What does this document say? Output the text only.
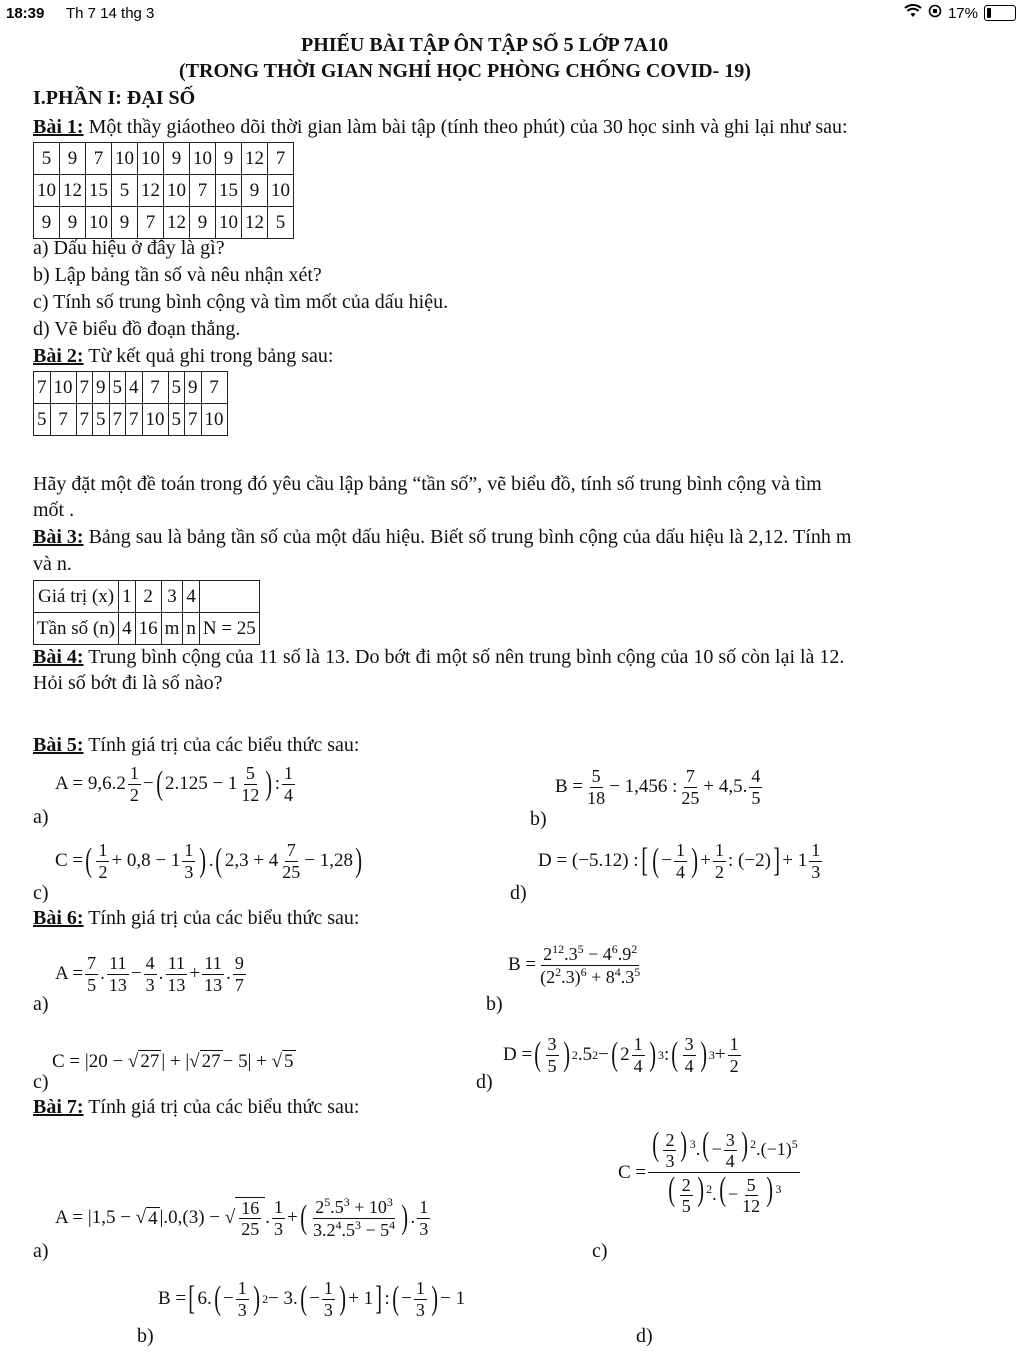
18:39 Th 7 14 thg 3	17%
PHIẾU BÀI TẬP ÔN TẬP SỐ 5 LỚP 7A10
(TRONG THỜI GIAN NGHỈ HỌC PHÒNG CHỐNG COVID- 19)
I.PHẦN I: ĐẠI SỐ
Bài 1: Một thầy giáotheo dõi thời gian làm bài tập (tính theo phút) của 30 học sinh và ghi lại như sau:
5	9	7	10	10	9	10	9	12	7
10	12	15	5	12	10	7	15	9	10
9	9	10	9	7	12	9	10	12	5
a) Dấu hiệu ở đây là gì?
b) Lập bảng tần số và nêu nhận xét?
c) Tính số trung bình cộng và tìm mốt của dấu hiệu.
d) Vẽ biểu đồ đoạn thẳng.
Bài 2: Từ kết quả ghi trong bảng sau:
7	10	7	9	5	4	7	5	9	7
5	7	7	5	7	7	10	5	7	10
Hãy đặt một đề toán trong đó yêu cầu lập bảng “tần số”, vẽ biểu đồ, tính số trung bình cộng và tìm
mốt .
Bài 3: Bảng sau là bảng tần số của một dấu hiệu. Biết số trung bình cộng của dấu hiệu là 2,12. Tính m
và n.
Giá trị (x)	1	2	3	4	
Tần số (n)	4	16	m	n	N = 25
Bài 4: Trung bình cộng của 11 số là 13. Do bớt đi một số nên trung bình cộng của 10 số còn lại là 12.
Hỏi số bớt đi là số nào?
Bài 5: Tính giá trị của các biểu thức sau:
a)
$A = 9,6.2 \frac{1}{2}$ − ( $2.125 - 1 \frac{5}{12}$ ) : $\frac{1}{4}$
b)
$B = \frac{5}{18} - 1,456$ : $\frac{7}{25} + 4,5$. $\frac{4}{5}$
c)
C = ( $\frac{1}{2} + 0,8 - 1 \frac{1}{3}$ ) . ( $2,3 + 4 \frac{7}{25} - 1,28$ )
d)
D = (−5.12) : [ ( − $\frac{1}{4}$ ) + $\frac{1}{2}$ : (−2) ] + $1 \frac{1}{3}$
Bài 6: Tính giá trị của các biểu thức sau:
a)
$A = \frac{7}{5}$ . $\frac{11}{13} - \frac{4}{3}$ . $\frac{11}{13} + \frac{11}{13}$ . $\frac{9}{7}$
b)
$B = \frac{2^{12}.3^5 - 4^6.9^2}{(2^2.3)^6 + 8^4.3^5}$
c)
C = |20 − √ 27 | + |√ 27 − 5| + √ 5
d)
D = ( $\frac{3}{5}$ ) 2 .5 2 − ( $2 \frac{1}{4}$ ) 3 : ( $\frac{3}{4}$ ) $3 + \frac{1}{2}$
Bài 7: Tính giá trị của các biểu thức sau:
a)
A = |1,5 − √ 4 |.0,(3) − √ $\frac{16}{25}$ . $\frac{1}{3}$ + ( $\frac{2^5.5^3 + 10^3}{3.2^4.5^3 - 5^4}$ ) . $\frac{1}{3}$
c)
$C = \frac{( \frac{2}{3} ) ^3.( - \frac{3}{4} ) ^2.(-1)^5}{( \frac{2}{5} ) ^2.( - \frac{5}{12} ) ^3}$
b)
B = [ 6. ( − $\frac{1}{3}$ ) 2 − 3. ( − $\frac{1}{3}$ ) + 1 ] : ( − $\frac{1}{3}$ ) − 1
d)
